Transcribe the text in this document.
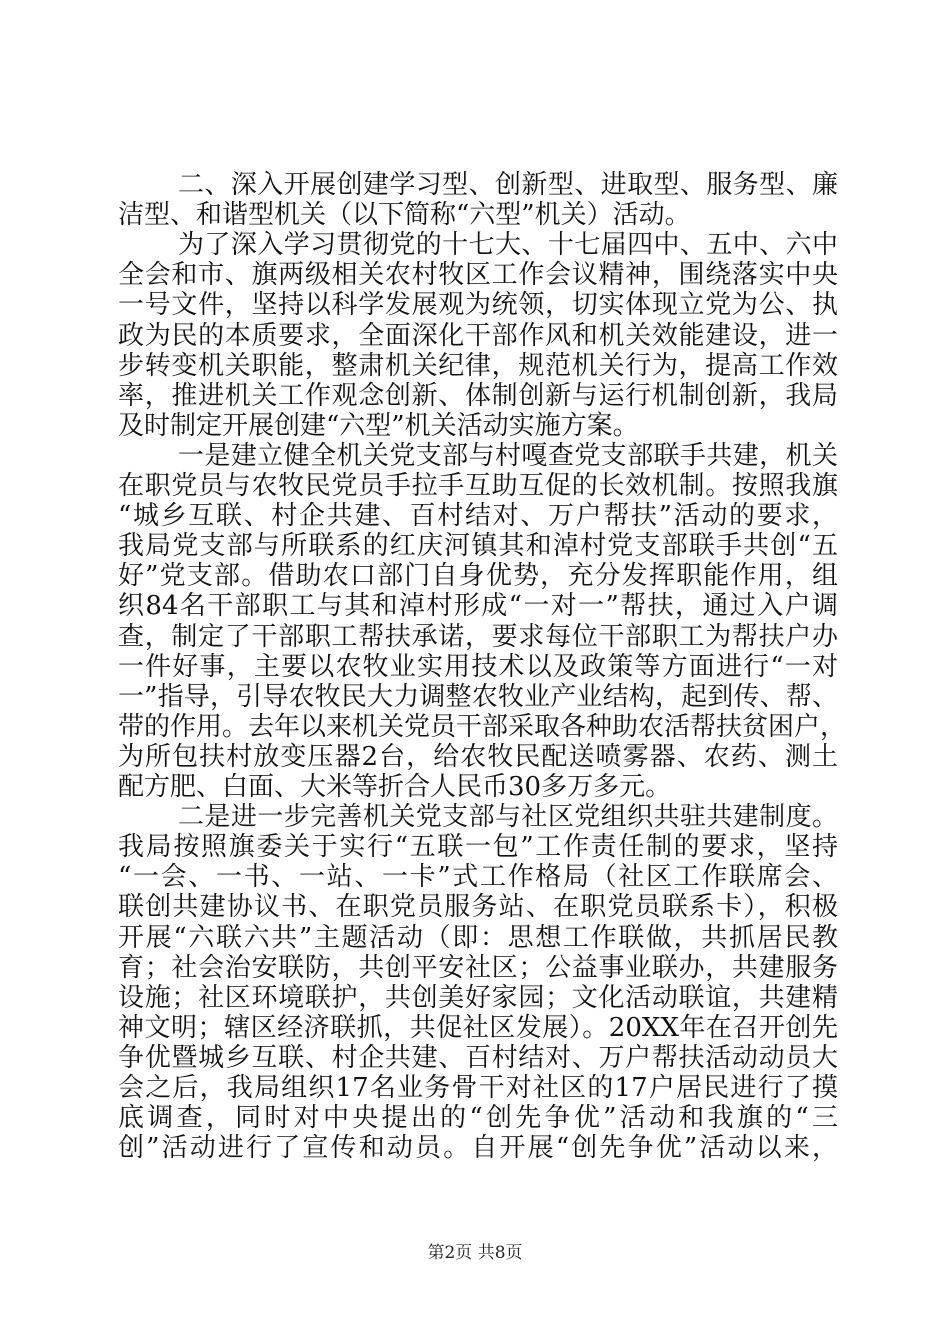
二、深入开展创建学习型、创新型、进取型、服务型、廉
洁型、和谐型机关（以下简称“六型”机关）活动。
为了深入学习贯彻党的十七大、十七届四中、五中、六中
全会和市、旗两级相关农村牧区工作会议精神，围绕落实中央
一号文件，坚持以科学发展观为统领，切实体现立党为公、执
政为民的本质要求，全面深化干部作风和机关效能建设，进一
步转变机关职能，整肃机关纪律，规范机关行为，提高工作效
率，推进机关工作观念创新、体制创新与运行机制创新，我局
及时制定开展创建“六型”机关活动实施方案。
一是建立健全机关党支部与村嘎查党支部联手共建，机关
在职党员与农牧民党员手拉手互助互促的长效机制。按照我旗
“城乡互联、村企共建、百村结对、万户帮扶”活动的要求，
我局党支部与所联系的红庆河镇其和淖村党支部联手共创“五
好”党支部。借助农口部门自身优势，充分发挥职能作用，组
织84名干部职工与其和淖村形成“一对一”帮扶，通过入户调
查，制定了干部职工帮扶承诺，要求每位干部职工为帮扶户办
一件好事，主要以农牧业实用技术以及政策等方面进行“一对
一”指导，引导农牧民大力调整农牧业产业结构，起到传、帮、
带的作用。去年以来机关党员干部采取各种助农活帮扶贫困户，
为所包扶村放变压器2台，给农牧民配送喷雾器、农药、测土
配方肥、白面、大米等折合人民币30多万多元。
二是进一步完善机关党支部与社区党组织共驻共建制度。
我局按照旗委关于实行“五联一包”工作责任制的要求，坚持
“一会、一书、一站、一卡”式工作格局（社区工作联席会、
联创共建协议书、在职党员服务站、在职党员联系卡），积极
开展“六联六共”主题活动（即：思想工作联做，共抓居民教
育；社会治安联防，共创平安社区；公益事业联办，共建服务
设施；社区环境联护，共创美好家园；文化活动联谊，共建精
神文明；辖区经济联抓，共促社区发展）。20XX年在召开创先
争优暨城乡互联、村企共建、百村结对、万户帮扶活动动员大
会之后，我局组织17名业务骨干对社区的17户居民进行了摸
底调查，同时对中央提出的“创先争优”活动和我旗的“三
创”活动进行了宣传和动员。自开展“创先争优”活动以来，
第2页 共8页
